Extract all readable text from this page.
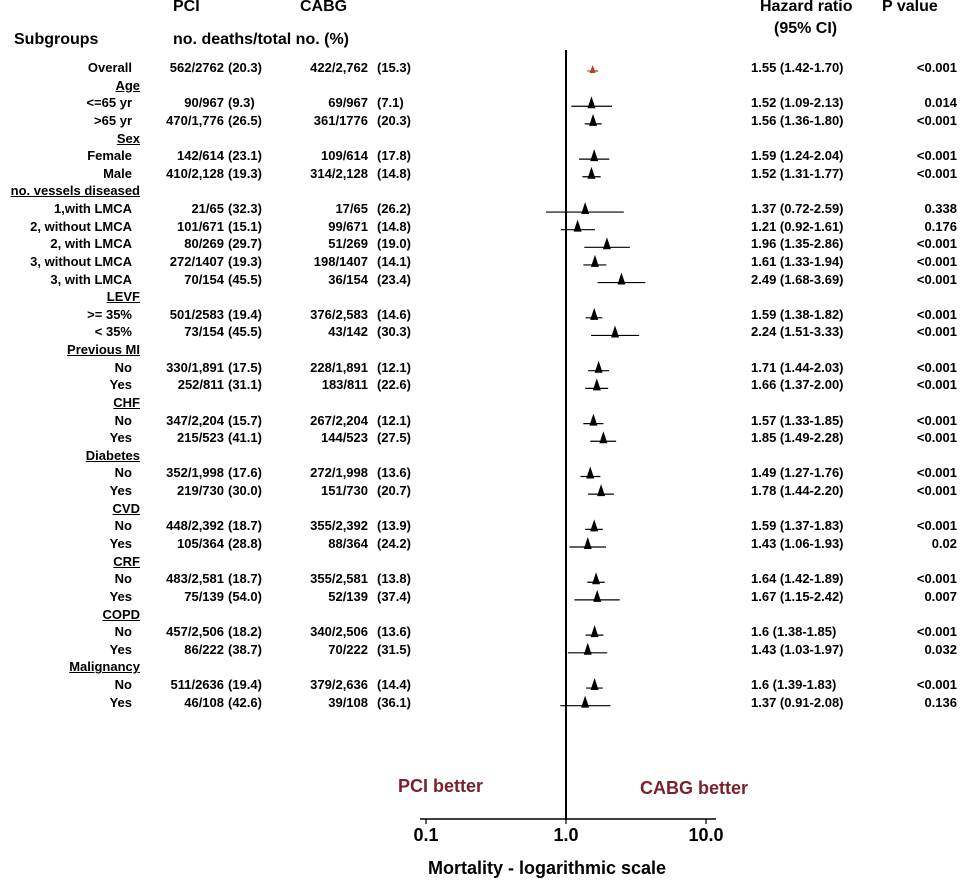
PCI	CABG
Subgroups	no. deaths/total no. (%)
Hazard ratio
(95% CI)
P value
Overall	562/2762 (20.3)	422/2,762 (15.3)	1.55 (1.42-1.70)	<0.001
Age
<=65 yr	90/967 (9.3)	69/967 (7.1)	1.52 (1.09-2.13)	0.014
>65 yr	470/1,776 (26.5)	361/1776 (20.3)	1.56 (1.36-1.80)	<0.001
Sex
Female	142/614 (23.1)	109/614 (17.8)	1.59 (1.24-2.04)	<0.001
Male	410/2,128 (19.3)	314/2,128 (14.8)	1.52 (1.31-1.77)	<0.001
no. vessels diseased
1,with LMCA	21/65 (32.3)	17/65 (26.2)	1.37 (0.72-2.59)	0.338
2, without LMCA	101/671 (15.1)	99/671 (14.8)	1.21 (0.92-1.61)	0.176
2, with LMCA	80/269 (29.7)	51/269 (19.0)	1.96 (1.35-2.86)	<0.001
3, without LMCA	272/1407 (19.3)	198/1407 (14.1)	1.61 (1.33-1.94)	<0.001
3, with LMCA	70/154 (45.5)	36/154 (23.4)	2.49 (1.68-3.69)	<0.001
LEVF
>= 35%	501/2583 (19.4)	376/2,583 (14.6)	1.59 (1.38-1.82)	<0.001
< 35%	73/154 (45.5)	43/142 (30.3)	2.24 (1.51-3.33)	<0.001
Previous MI
No	330/1,891 (17.5)	228/1,891 (12.1)	1.71 (1.44-2.03)	<0.001
Yes	252/811 (31.1)	183/811 (22.6)	1.66 (1.37-2.00)	<0.001
CHF
No	347/2,204 (15.7)	267/2,204 (12.1)	1.57 (1.33-1.85)	<0.001
Yes	215/523 (41.1)	144/523 (27.5)	1.85 (1.49-2.28)	<0.001
Diabetes
No	352/1,998 (17.6)	272/1,998 (13.6)	1.49 (1.27-1.76)	<0.001
Yes	219/730 (30.0)	151/730 (20.7)	1.78 (1.44-2.20)	<0.001
CVD
No	448/2,392 (18.7)	355/2,392 (13.9)	1.59 (1.37-1.83)	<0.001
Yes	105/364 (28.8)	88/364 (24.2)	1.43 (1.06-1.93)	0.02
CRF
No	483/2,581 (18.7)	355/2,581 (13.8)	1.64 (1.42-1.89)	<0.001
Yes	75/139 (54.0)	52/139 (37.4)	1.67 (1.15-2.42)	0.007
COPD
No	457/2,506 (18.2)	340/2,506 (13.6)	1.6 (1.38-1.85)	<0.001
Yes	86/222 (38.7)	70/222 (31.5)	1.43 (1.03-1.97)	0.032
Malignancy
No	511/2636 (19.4)	379/2,636 (14.4)	1.6 (1.39-1.83)	<0.001
Yes	46/108 (42.6)	39/108 (36.1)	1.37 (0.91-2.08)	0.136
0.1	1.0	10.0
PCI better	CABG better
Mortality - logarithmic scale
